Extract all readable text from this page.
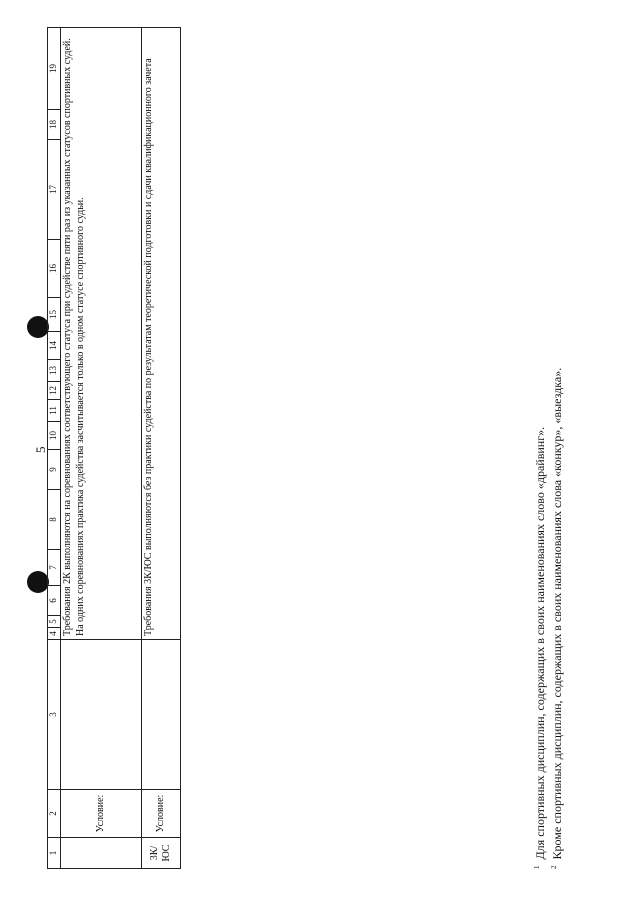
5
1	2	3	4	5	6	7	8	9	10	11	12	13	14	15	16	17	18	19
	Условие:		Требования 2К выполняются на соревнованиях соответствующего статуса при судействе пяти раз из указанных статусов спортивных судей. На одних соревнованиях практика судейства засчитывается только в одном статусе спортивного судьи.															
3К/ЮС	Условие:		Требования 3К/ЮС выполняются без практики судейства по результатам теоретической подготовки и сдачи квалификационного зачета															
$^1$Для спортивных дисциплин, содержащих в своих наименованиях слово «драйвинг».
$^2$Кроме спортивных дисциплин, содержащих в своих наименованиях слова «конкур», «выездка».
